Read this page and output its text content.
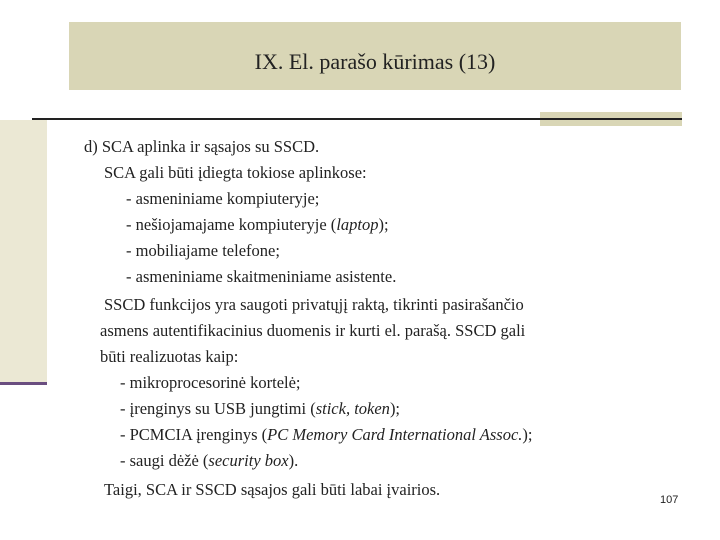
IX. El. parašo kūrimas (13)
d) SCA aplinka ir sąsajos su SSCD.
SCA gali būti įdiegta tokiose aplinkose:
- asmeniniame kompiuteryje;
- nešiojamajame kompiuteryje (laptop);
- mobiliajame telefone;
- asmeniniame skaitmeniniame asistente.
SSCD funkcijos yra saugoti privatųjį raktą, tikrinti pasirašančio
asmens autentifikacinius duomenis ir kurti el. parašą. SSCD gali
būti realizuotas kaip:
- mikroprocesorinė kortelė;
- įrenginys su USB jungtimi (stick, token);
- PCMCIA įrenginys (PC Memory Card International Assoc.);
- saugi dėžė (security box).
Taigi, SCA ir SSCD sąsajos gali būti labai įvairios.
107
